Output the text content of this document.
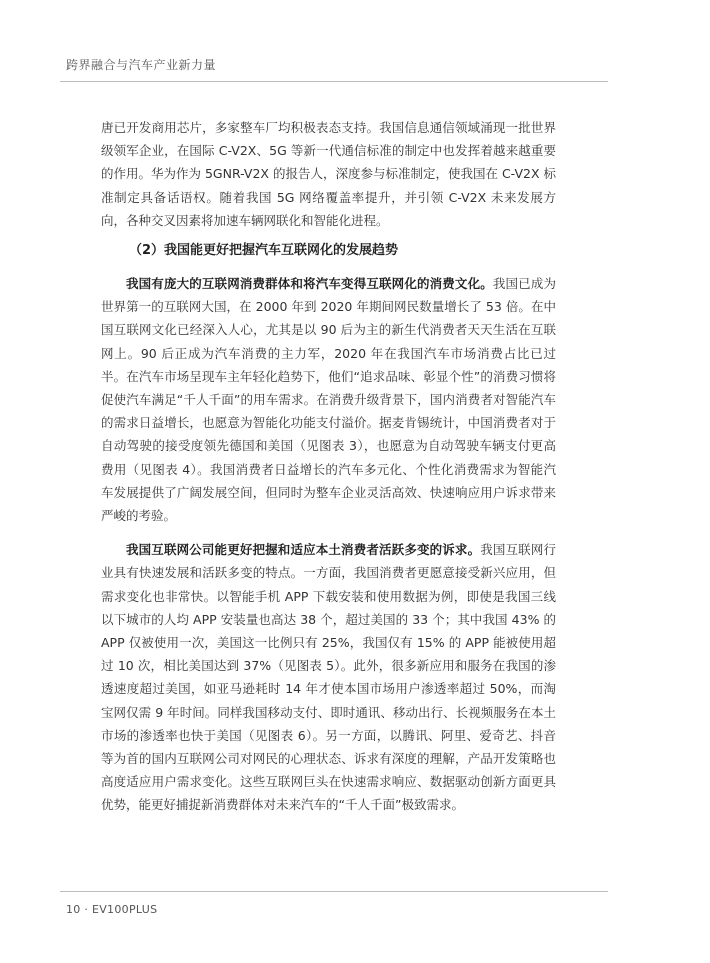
跨界融合与汽车产业新力量

唐已开发商用芯片，多家整车厂均积极表态支持。我国信息通信领域涌现一批世界级领军企业，在国际 C-V2X、5G 等新一代通信标准的制定中也发挥着越来越重要的作用。华为作为 5GNR-V2X 的报告人，深度参与标准制定，使我国在 C-V2X 标准制定具备话语权。随着我国 5G 网络覆盖率提升，并引领 C-V2X 未来发展方向，各种交叉因素将加速车辆网联化和智能化进程。

（2）我国能更好把握汽车互联网化的发展趋势

我国有庞大的互联网消费群体和将汽车变得互联网化的消费文化。我国已成为世界第一的互联网大国，在 2000 年到 2020 年期间网民数量增长了 53 倍。在中国互联网文化已经深入人心，尤其是以 90 后为主的新生代消费者天天生活在互联网上。90 后正成为汽车消费的主力军，2020 年在我国汽车市场消费占比已过半。在汽车市场呈现车主年轻化趋势下，他们“追求品味、彰显个性”的消费习惯将促使汽车满足“千人千面”的用车需求。在消费升级背景下，国内消费者对智能汽车的需求日益增长，也愿意为智能化功能支付溢价。据麦肯锡统计，中国消费者对于自动驾驶的接受度领先德国和美国（见图表 3），也愿意为自动驾驶车辆支付更高费用（见图表 4）。我国消费者日益增长的汽车多元化、个性化消费需求为智能汽车发展提供了广阔发展空间，但同时为整车企业灵活高效、快速响应用户诉求带来严峻的考验。

我国互联网公司能更好把握和适应本土消费者活跃多变的诉求。我国互联网行业具有快速发展和活跃多变的特点。一方面，我国消费者更愿意接受新兴应用，但需求变化也非常快。以智能手机 APP 下载安装和使用数据为例，即使是我国三线以下城市的人均 APP 安装量也高达 38 个，超过美国的 33 个；其中我国 43% 的 APP 仅被使用一次，美国这一比例只有 25%，我国仅有 15% 的 APP 能被使用超过 10 次，相比美国达到 37%（见图表 5）。此外，很多新应用和服务在我国的渗透速度超过美国，如亚马逊耗时 14 年才使本国市场用户渗透率超过 50%，而淘宝网仅需 9 年时间。同样我国移动支付、即时通讯、移动出行、长视频服务在本土市场的渗透率也快于美国（见图表 6）。另一方面，以腾讯、阿里、爱奇艺、抖音等为首的国内互联网公司对网民的心理状态、诉求有深度的理解，产品开发策略也高度适应用户需求变化。这些互联网巨头在快速需求响应、数据驱动创新方面更具优势，能更好捕捉新消费群体对未来汽车的“千人千面”极致需求。

10 · EV100PLUS
